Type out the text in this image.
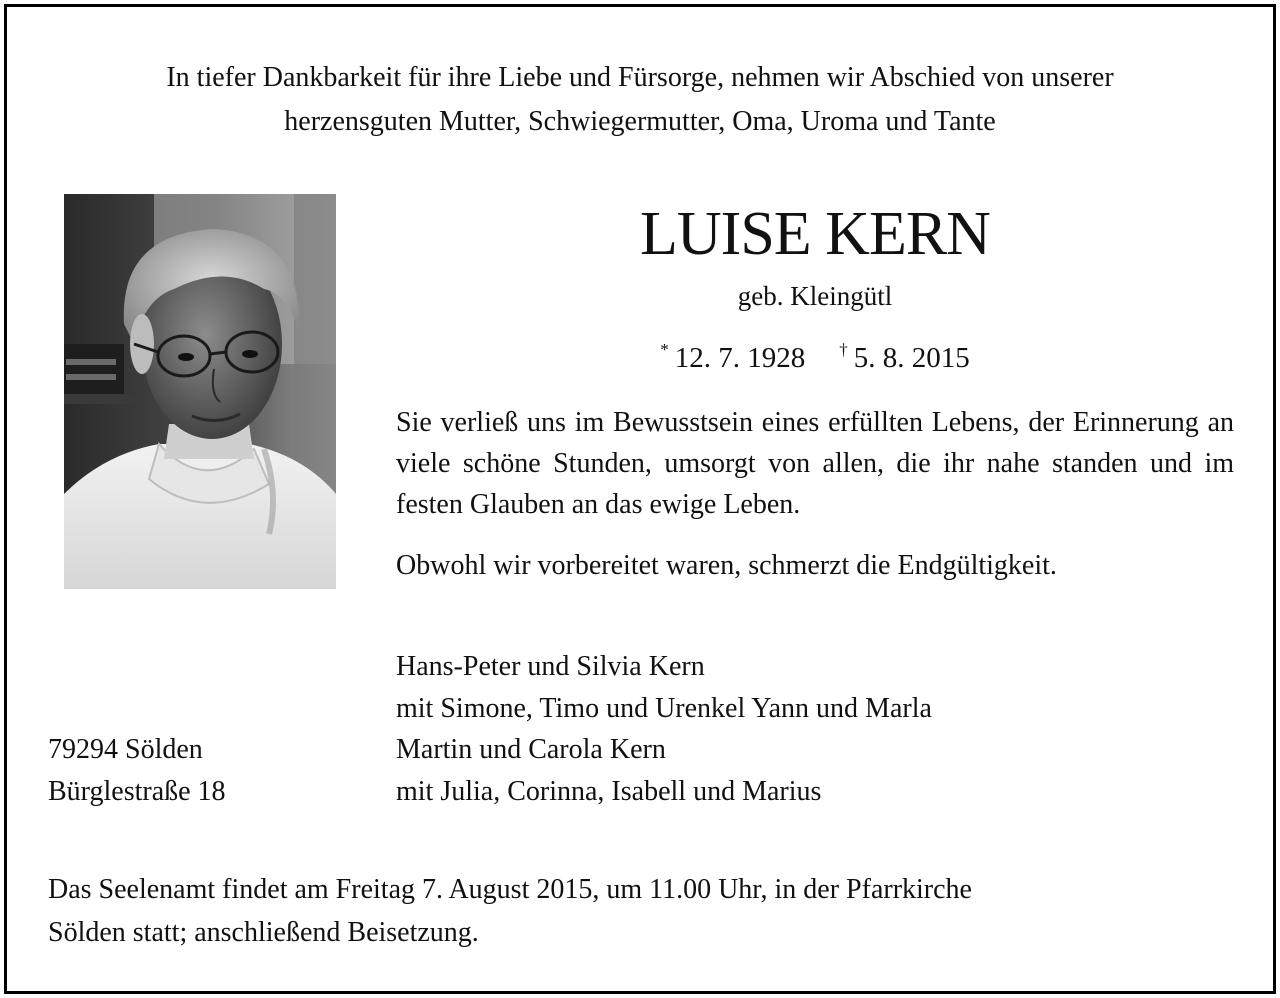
In tiefer Dankbarkeit für ihre Liebe und Fürsorge, nehmen wir Abschied von unserer
herzensguten Mutter, Schwiegermutter, Oma, Uroma und Tante
LUISE KERN
geb. Kleingütl
* 12. 7. 1928 † 5. 8. 2015

Sie verließ uns im Bewusstsein eines erfüllten Lebens, der Erinnerung an viele schöne Stunden, umsorgt von allen, die ihr nahe standen und im festen Glauben an das ewige Leben.

Obwohl wir vorbereitet waren, schmerzt die Endgültigkeit.

Hans-Peter und Silvia Kern
mit Simone, Timo und Urenkel Yann und Marla
Martin und Carola Kern
mit Julia, Corinna, Isabell und Marius
79294 Sölden
Bürglestraße 18
Das Seelenamt findet am Freitag 7. August 2015, um 11.00 Uhr, in der Pfarrkirche
Sölden statt; anschließend Beisetzung.
